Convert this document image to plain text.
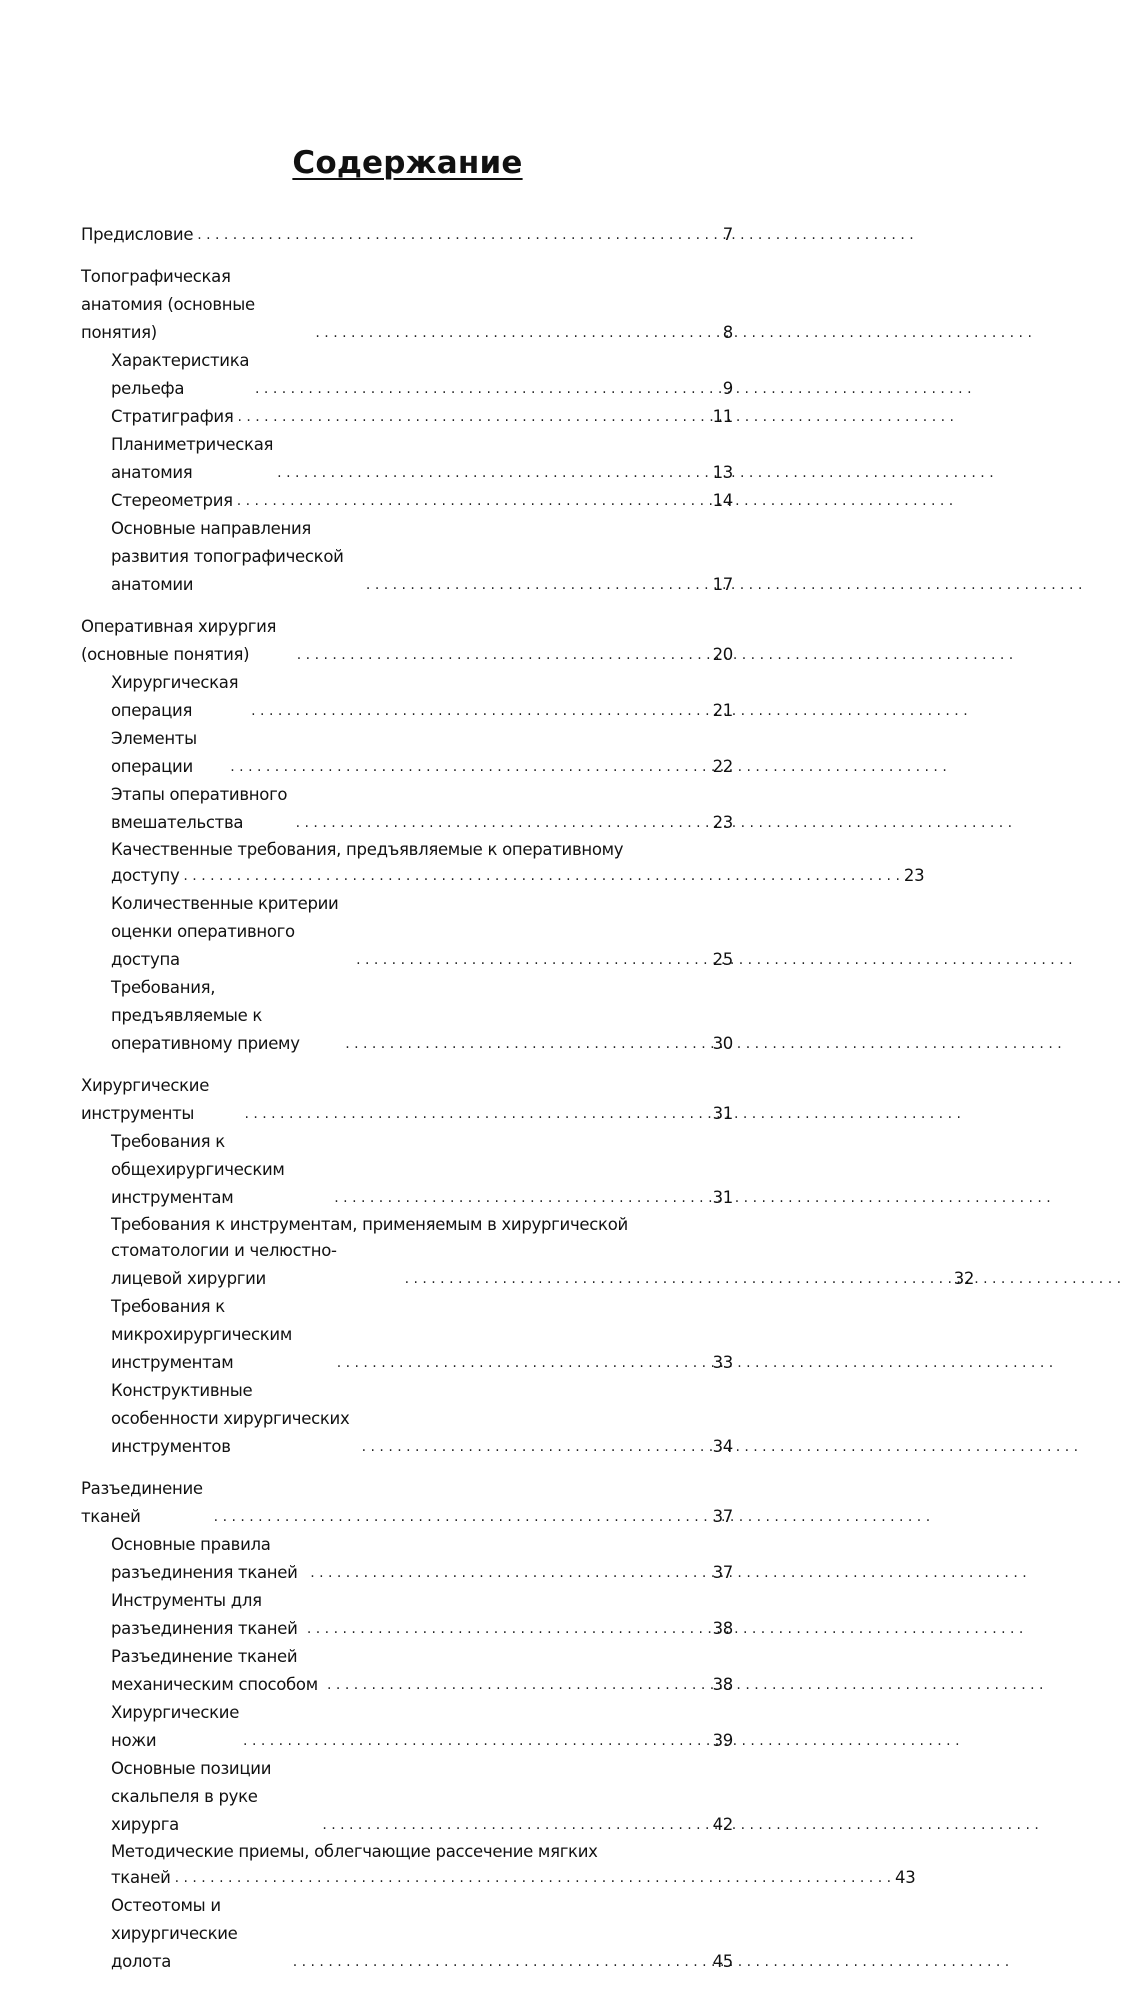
Содержание
Предисловие . . .	7
Топографическая анатомия (основные понятия) . . .	8
Характеристика рельефа . . .	9
Стратиграфия . . .	11
Планиметрическая анатомия . . .	13
Стереометрия . . .	14
Основные направления развития топографической анатомии . . .	17
Оперативная хирургия (основные понятия) . . .	20
Хирургическая операция . . .	21
Элементы операции . . .	22
Этапы оперативного вмешательства . . .	23
Качественные требования, предъявляемые к оперативному
доступу . . .	23
Количественные критерии оценки оперативного доступа . . .	25
Требования, предъявляемые к оперативному приему . . .	30
Хирургические инструменты . . .	31
Требования к общехирургическим инструментам . . .	31
Требования к инструментам, применяемым в хирургической
стоматологии и челюстно-лицевой хирургии . . .	32
Требования к микрохирургическим инструментам . . .	33
Конструктивные особенности хирургических инструментов . . .	34
Разъединение тканей . . .	37
Основные правила разъединения тканей . . .	37
Инструменты для разъединения тканей . . .	38
Разъединение тканей механическим способом . . .	38
Хирургические ножи . . .	39
Основные позиции скальпеля в руке хирурга . . .	42
Методические приемы, облегчающие рассечение мягких
тканей . . .	43
Остеотомы и хирургические долота . . .	45
